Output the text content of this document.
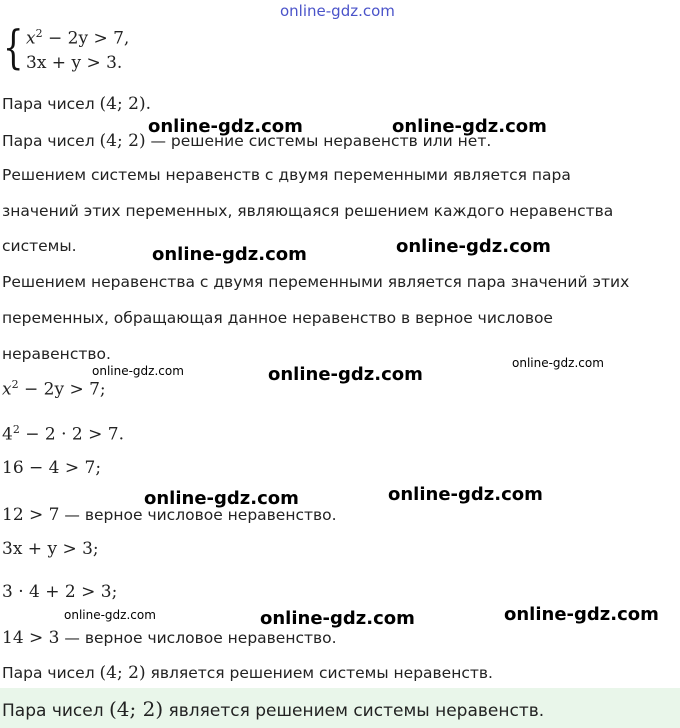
online-gdz.com
{ $x^2 - 2y > 7$,
3x + y > 3.
Пара чисел (4; 2).
Пара чисел (4; 2) — решение системы неравенств или нет.
Решением системы неравенств с двумя переменными является пара
значений этих переменных, являющаяся решением каждого неравенства
системы.
Решением неравенства с двумя переменными является пара значений этих
переменных, обращающая данное неравенство в верное числовое
неравенство.
$x^2 - 2y > 7$;
$4^2 - 2 \cdot 2 > 7$.
16 − 4 > 7;
12 > 7 — верное числовое неравенство.
3x + y > 3;
3 · 4 + 2 > 3;
14 > 3 — верное числовое неравенство.
Пара чисел (4; 2) является решением системы неравенств.
Пара чисел (4; 2) является решением системы неравенств.
online-gdz.com	online-gdz.com
online-gdz.com	online-gdz.com
online-gdz.com	online-gdz.com
online-gdz.com
online-gdz.com	online-gdz.com
online-gdz.com	online-gdz.com	online-gdz.com
